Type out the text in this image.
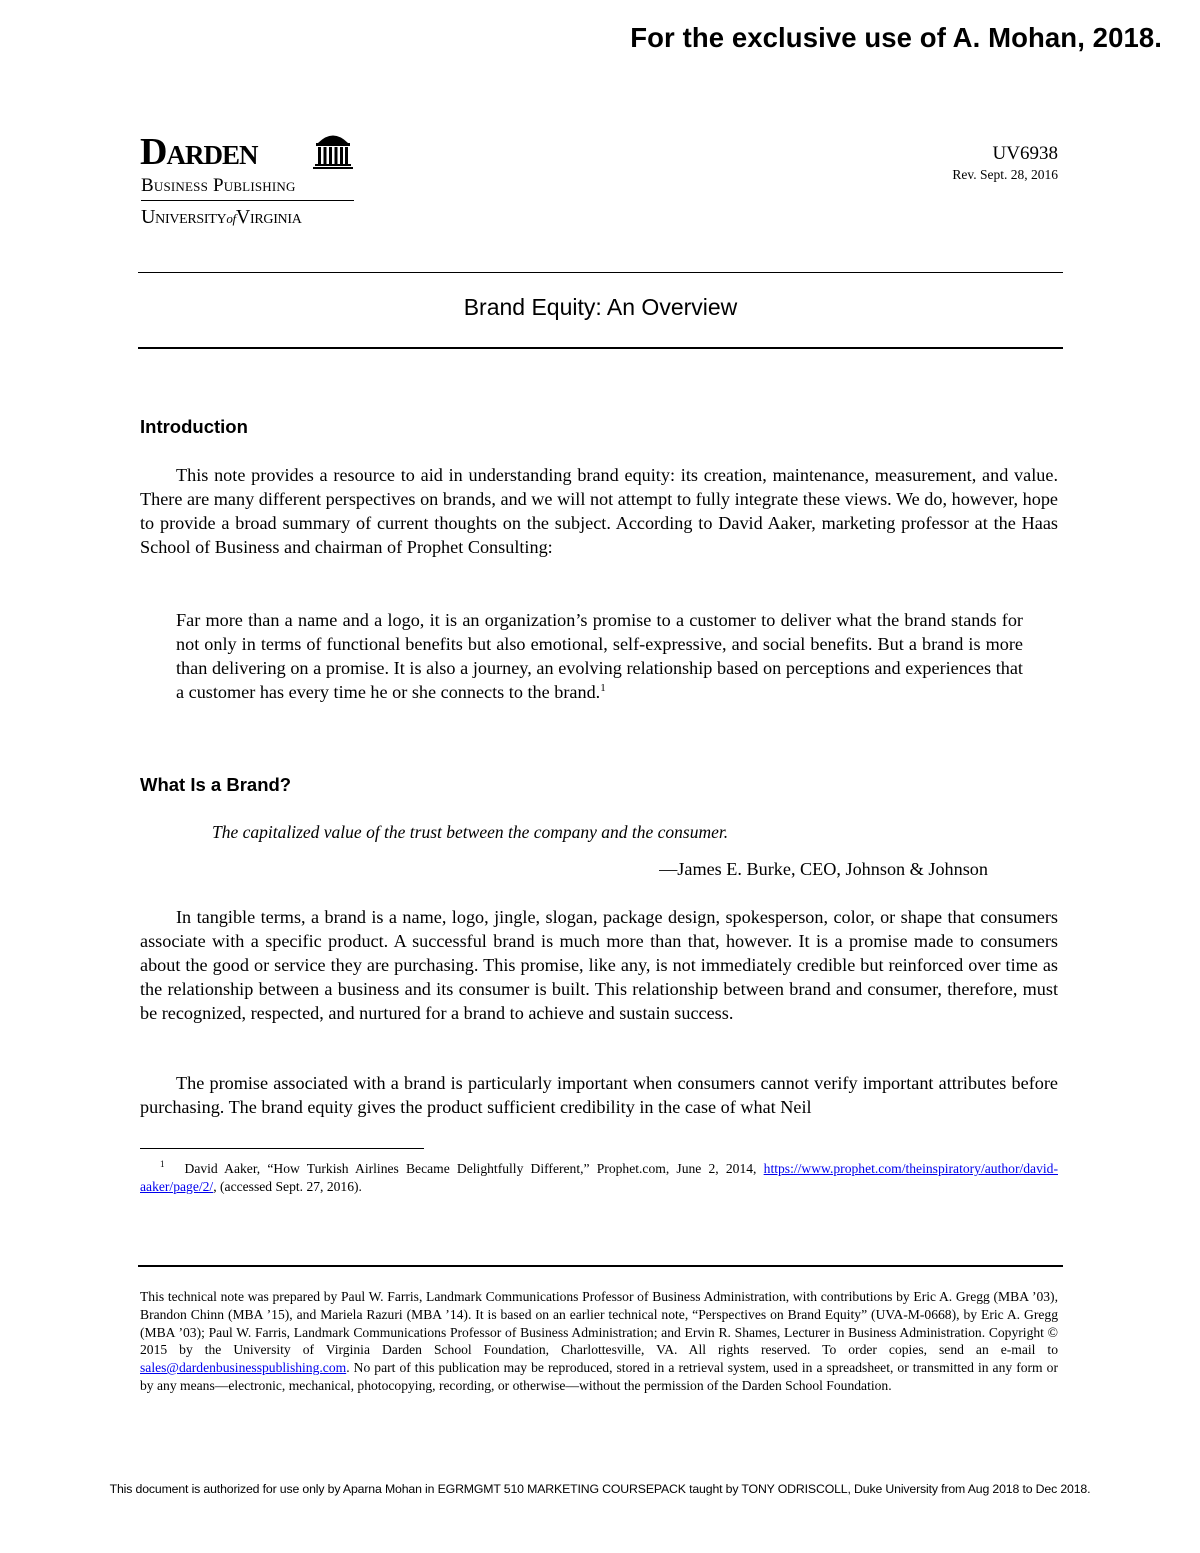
For the exclusive use of A. Mohan, 2018.
Darden
Business Publishing
UniversityofVirginia
UV6938
Rev. Sept. 28, 2016
Brand Equity: An Overview
Introduction

This note provides a resource to aid in understanding brand equity: its creation, maintenance, measurement, and value. There are many different perspectives on brands, and we will not attempt to fully integrate these views. We do, however, hope to provide a broad summary of current thoughts on the subject. According to David Aaker, marketing professor at the Haas School of Business and chairman of Prophet Consulting:

Far more than a name and a logo, it is an organization’s promise to a customer to deliver what the brand stands for not only in terms of functional benefits but also emotional, self-expressive, and social benefits. But a brand is more than delivering on a promise. It is also a journey, an evolving relationship based on perceptions and experiences that a customer has every time he or she connects to the brand.$^1$

What Is a Brand?
The capitalized value of the trust between the company and the consumer.
—James E. Burke, CEO, Johnson & Johnson

In tangible terms, a brand is a name, logo, jingle, slogan, package design, spokesperson, color, or shape that consumers associate with a specific product. A successful brand is much more than that, however. It is a promise made to consumers about the good or service they are purchasing. This promise, like any, is not immediately credible but reinforced over time as the relationship between a business and its consumer is built. This relationship between brand and consumer, therefore, must be recognized, respected, and nurtured for a brand to achieve and sustain success.

The promise associated with a brand is particularly important when consumers cannot verify important attributes before purchasing. The brand equity gives the product sufficient credibility in the case of what Neil

$^1$ David Aaker, “How Turkish Airlines Became Delightfully Different,” Prophet.com, June 2, 2014, https://www.prophet.com/theinspiratory/author/david-aaker/page/2/, (accessed Sept. 27, 2016).

This technical note was prepared by Paul W. Farris, Landmark Communications Professor of Business Administration, with contributions by Eric A. Gregg (MBA ’03), Brandon Chinn (MBA ’15), and Mariela Razuri (MBA ’14). It is based on an earlier technical note, “Perspectives on Brand Equity” (UVA-M-0668), by Eric A. Gregg (MBA ’03); Paul W. Farris, Landmark Communications Professor of Business Administration; and Ervin R. Shames, Lecturer in Business Administration. Copyright © 2015 by the University of Virginia Darden School Foundation, Charlottesville, VA. All rights reserved. To order copies, send an e-mail to sales@dardenbusinesspublishing.com. No part of this publication may be reproduced, stored in a retrieval system, used in a spreadsheet, or transmitted in any form or by any means—electronic, mechanical, photocopying, recording, or otherwise—without the permission of the Darden School Foundation.

This document is authorized for use only by Aparna Mohan in EGRMGMT 510 MARKETING COURSEPACK taught by TONY ODRISCOLL, Duke University from Aug 2018 to Dec 2018.
